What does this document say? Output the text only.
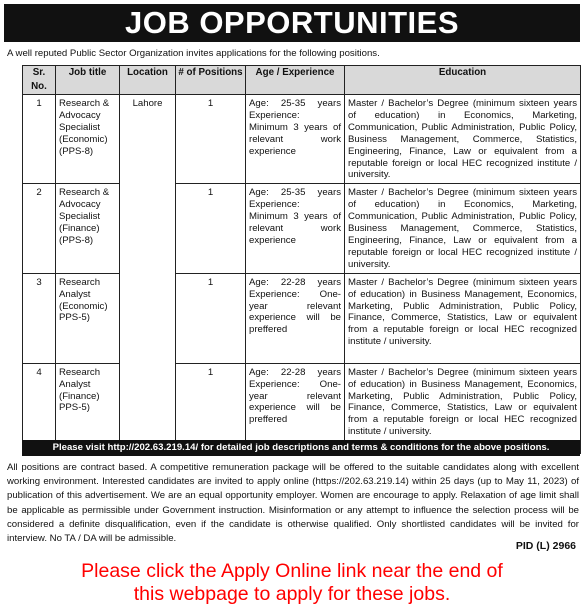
JOB OPPORTUNITIES
A well reputed Public Sector Organization invites applications for the following positions.
Sr. No.	Job title	Location	# of Positions	Age / Experience	Education
1	Research & Advocacy Specialist (Economic) (PPS-8)	Lahore	1	Age: 25-35 years Experience: Minimum 3 years of relevant work experience	Master / Bachelor’s Degree (minimum sixteen years of education) in Economics, Marketing, Communication, Public Administration, Public Policy, Business Management, Commerce, Statistics, Engineering, Finance, Law or equivalent from a reputable foreign or local HEC recognized institute / university.
2	Research & Advocacy Specialist (Finance) (PPS-8)		1	Age: 25-35 years Experience: Minimum 3 years of relevant work experience	Master / Bachelor’s Degree (minimum sixteen years of education) in Economics, Marketing, Communication, Public Administration, Public Policy, Business Management, Commerce, Statistics, Engineering, Finance, Law or equivalent from a reputable foreign or local HEC recognized institute / university.
3	Research Analyst (Economic) PPS-5)		1	Age: 22-28 years Experience: One-year relevant experience will be preffered	Master / Bachelor’s Degree (minimum sixteen years of education) in Business Management, Economics, Marketing, Public Administration, Public Policy, Finance, Commerce, Statistics, Law or equivalent from a reputable foreign or local HEC recognized institute / university.
4	Research Analyst (Finance) PPS-5)		1	Age: 22-28 years Experience: One-year relevant experience will be preffered	Master / Bachelor’s Degree (minimum sixteen years of education) in Business Management, Economics, Marketing, Public Administration, Public Policy, Finance, Commerce, Statistics, Law or equivalent from a reputable foreign or local HEC recognized institute / university.
Please visit http://202.63.219.14/ for detailed job descriptions and terms & conditions for the above positions.
All positions are contract based. A competitive remuneration package will be offered to the suitable candidates along with excellent working environment. Interested candidates are invited to apply online (https://202.63.219.14) within 25 days (up to May 11, 2023) of publication of this advertisement. We are an equal opportunity employer. Women are encourage to apply. Relaxation of age limit shall be applicable as permissible under Government instruction. Misinformation or any attempt to influence the selection process will be considered a definite disqualification, even if the candidate is otherwise qualified. Only shortlisted candidates will be invited for interview. No TA / DA will be admissible.
PID (L) 2966
Please click the Apply Online link near the end of
this webpage to apply for these jobs.
